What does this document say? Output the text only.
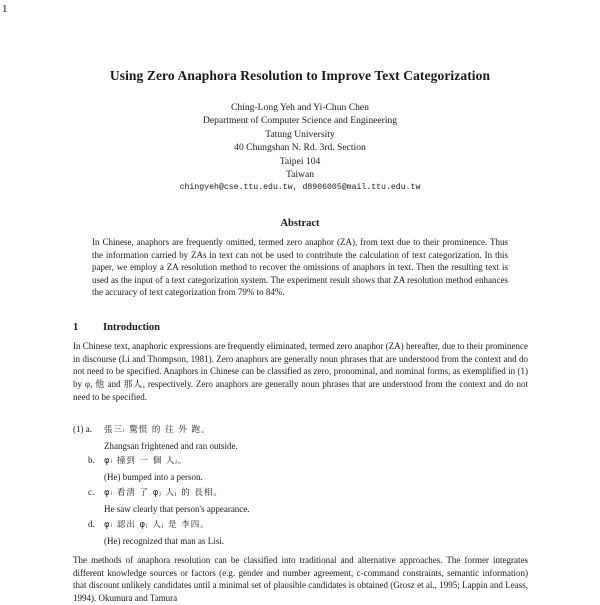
1
Using Zero Anaphora Resolution to Improve Text Categorization
Ching-Long Yeh and Yi-Chun Chen
Department of Computer Science and Engineering
Tatung University
40 Chungshan N. Rd. 3rd. Section
Taipei 104
Taiwan
chingyeh@cse.ttu.edu.tw, d8906005@mail.ttu.edu.tw
Abstract
In Chinese, anaphors are frequently omitted, termed zero anaphor (ZA), from text due to their prominence. Thus the information carried by ZAs in text can not be used to contribute the calculation of text categorization. In this paper, we employ a ZA resolution method to recover the omissions of anaphors in text. Then the resulting text is used as the input of a text categorization system. The experiment result shows that ZA resolution method enhances the accuracy of text categorization from 79% to 84%.
1 Introduction
In Chinese text, anaphoric expressions are frequently eliminated, termed zero anaphor (ZA) hereafter, due to their prominence in discourse (Li and Thompson, 1981). Zero anaphors are generally noun phrases that are understood from the context and do not need to be specified. Anaphors in Chinese can be classified as zero, pronominal, and nominal forms, as exemplified in (1) by φ, 他 and 那人, respectively. Zero anaphors are generally noun phrases that are understood from the context and do not need to be specified.
(1) a. 張三ᵢ 驚慌 的 往 外 跑。
Zhangsan frightened and ran outside.
b. φᵢ 撞到 一 個 人ⱼ。
(He) bumped into a person.
c. φᵢ 看清 了 φⱼ 人ⱼ 的 長相。
He saw clearly that person's appearance.
d. φᵢ 認出 φⱼ 人ⱼ 是 李四。
(He) recognized that man as Lisi.
The methods of anaphora resolution can be classified into traditional and alternative approaches. The former integrates different knowledge sources or factors (e.g. gender and number agreement, c-command constraints, semantic information) that discount unlikely candidates until a minimal set of plausible candidates is obtained (Grosz et al., 1995; Lappin and Leass, 1994). Okumura and Tamura
